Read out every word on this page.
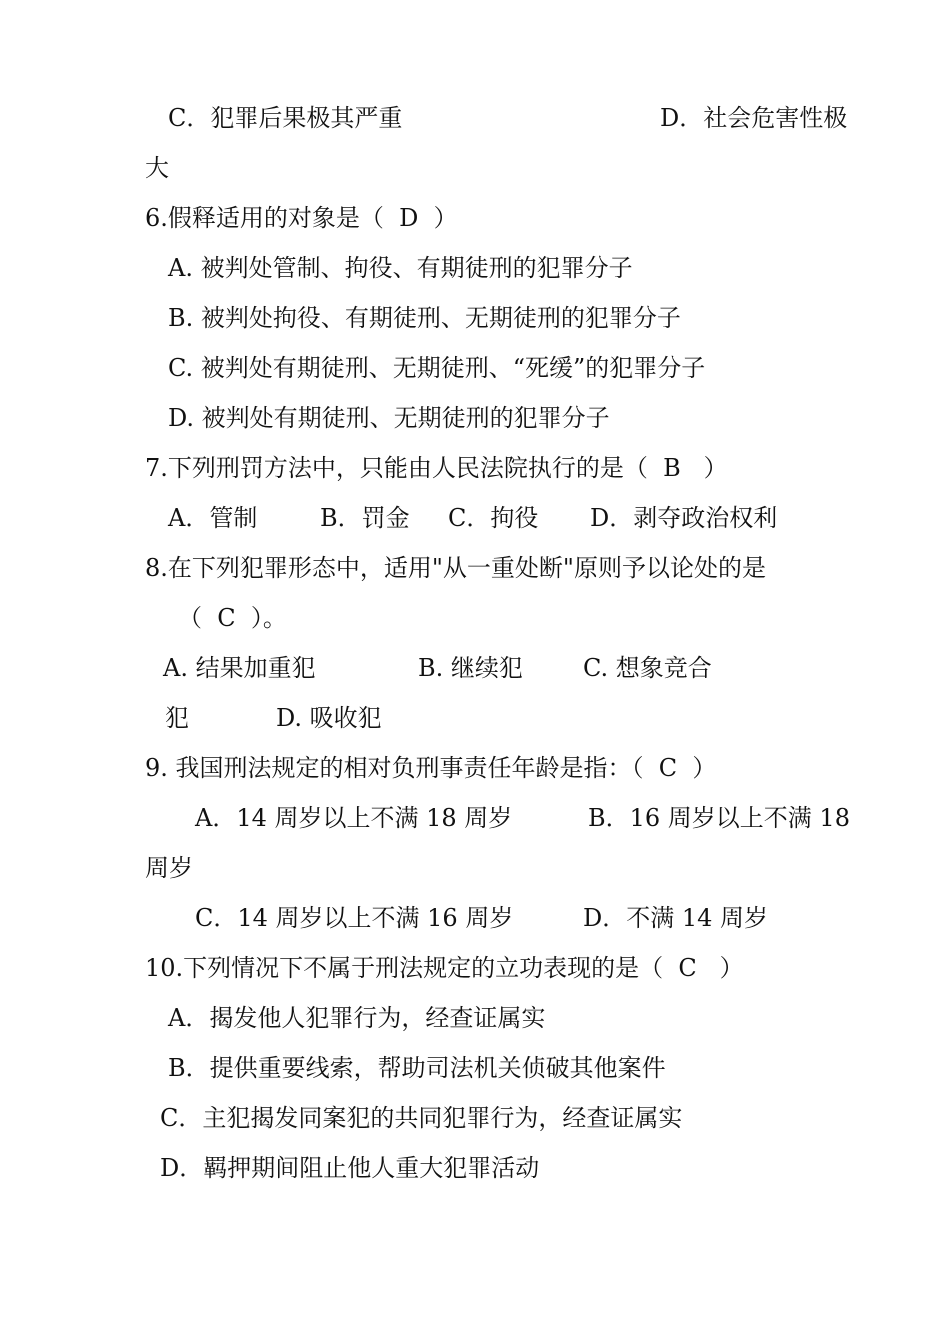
C．犯罪后果极其严重	D．社会危害性极
大
6.假释适用的对象是（  D  ）
A. 被判处管制、拘役、有期徒刑的犯罪分子
B. 被判处拘役、有期徒刑、无期徒刑的犯罪分子
C. 被判处有期徒刑、无期徒刑、“死缓”的犯罪分子
D. 被判处有期徒刑、无期徒刑的犯罪分子
7.下列刑罚方法中，只能由人民法院执行的是（  B   ）
A．管制	B．罚金 C．拘役 D．剥夺政治权利
8.在下列犯罪形态中，适用"从一重处断"原则予以论处的是
（  C  ）。
A. 结果加重犯	B. 继续犯	C. 想象竞合
犯	D. 吸收犯
9. 我国刑法规定的相对负刑事责任年龄是指：（  C  ）
A．14 周岁以上不满 18 周岁	B．16 周岁以上不满 18
周岁
C．14 周岁以上不满 16 周岁	D．不满 14 周岁
10.下列情况下不属于刑法规定的立功表现的是（  C   ）
A．揭发他人犯罪行为，经查证属实
B．提供重要线索，帮助司法机关侦破其他案件
C．主犯揭发同案犯的共同犯罪行为，经查证属实
D．羁押期间阻止他人重大犯罪活动
